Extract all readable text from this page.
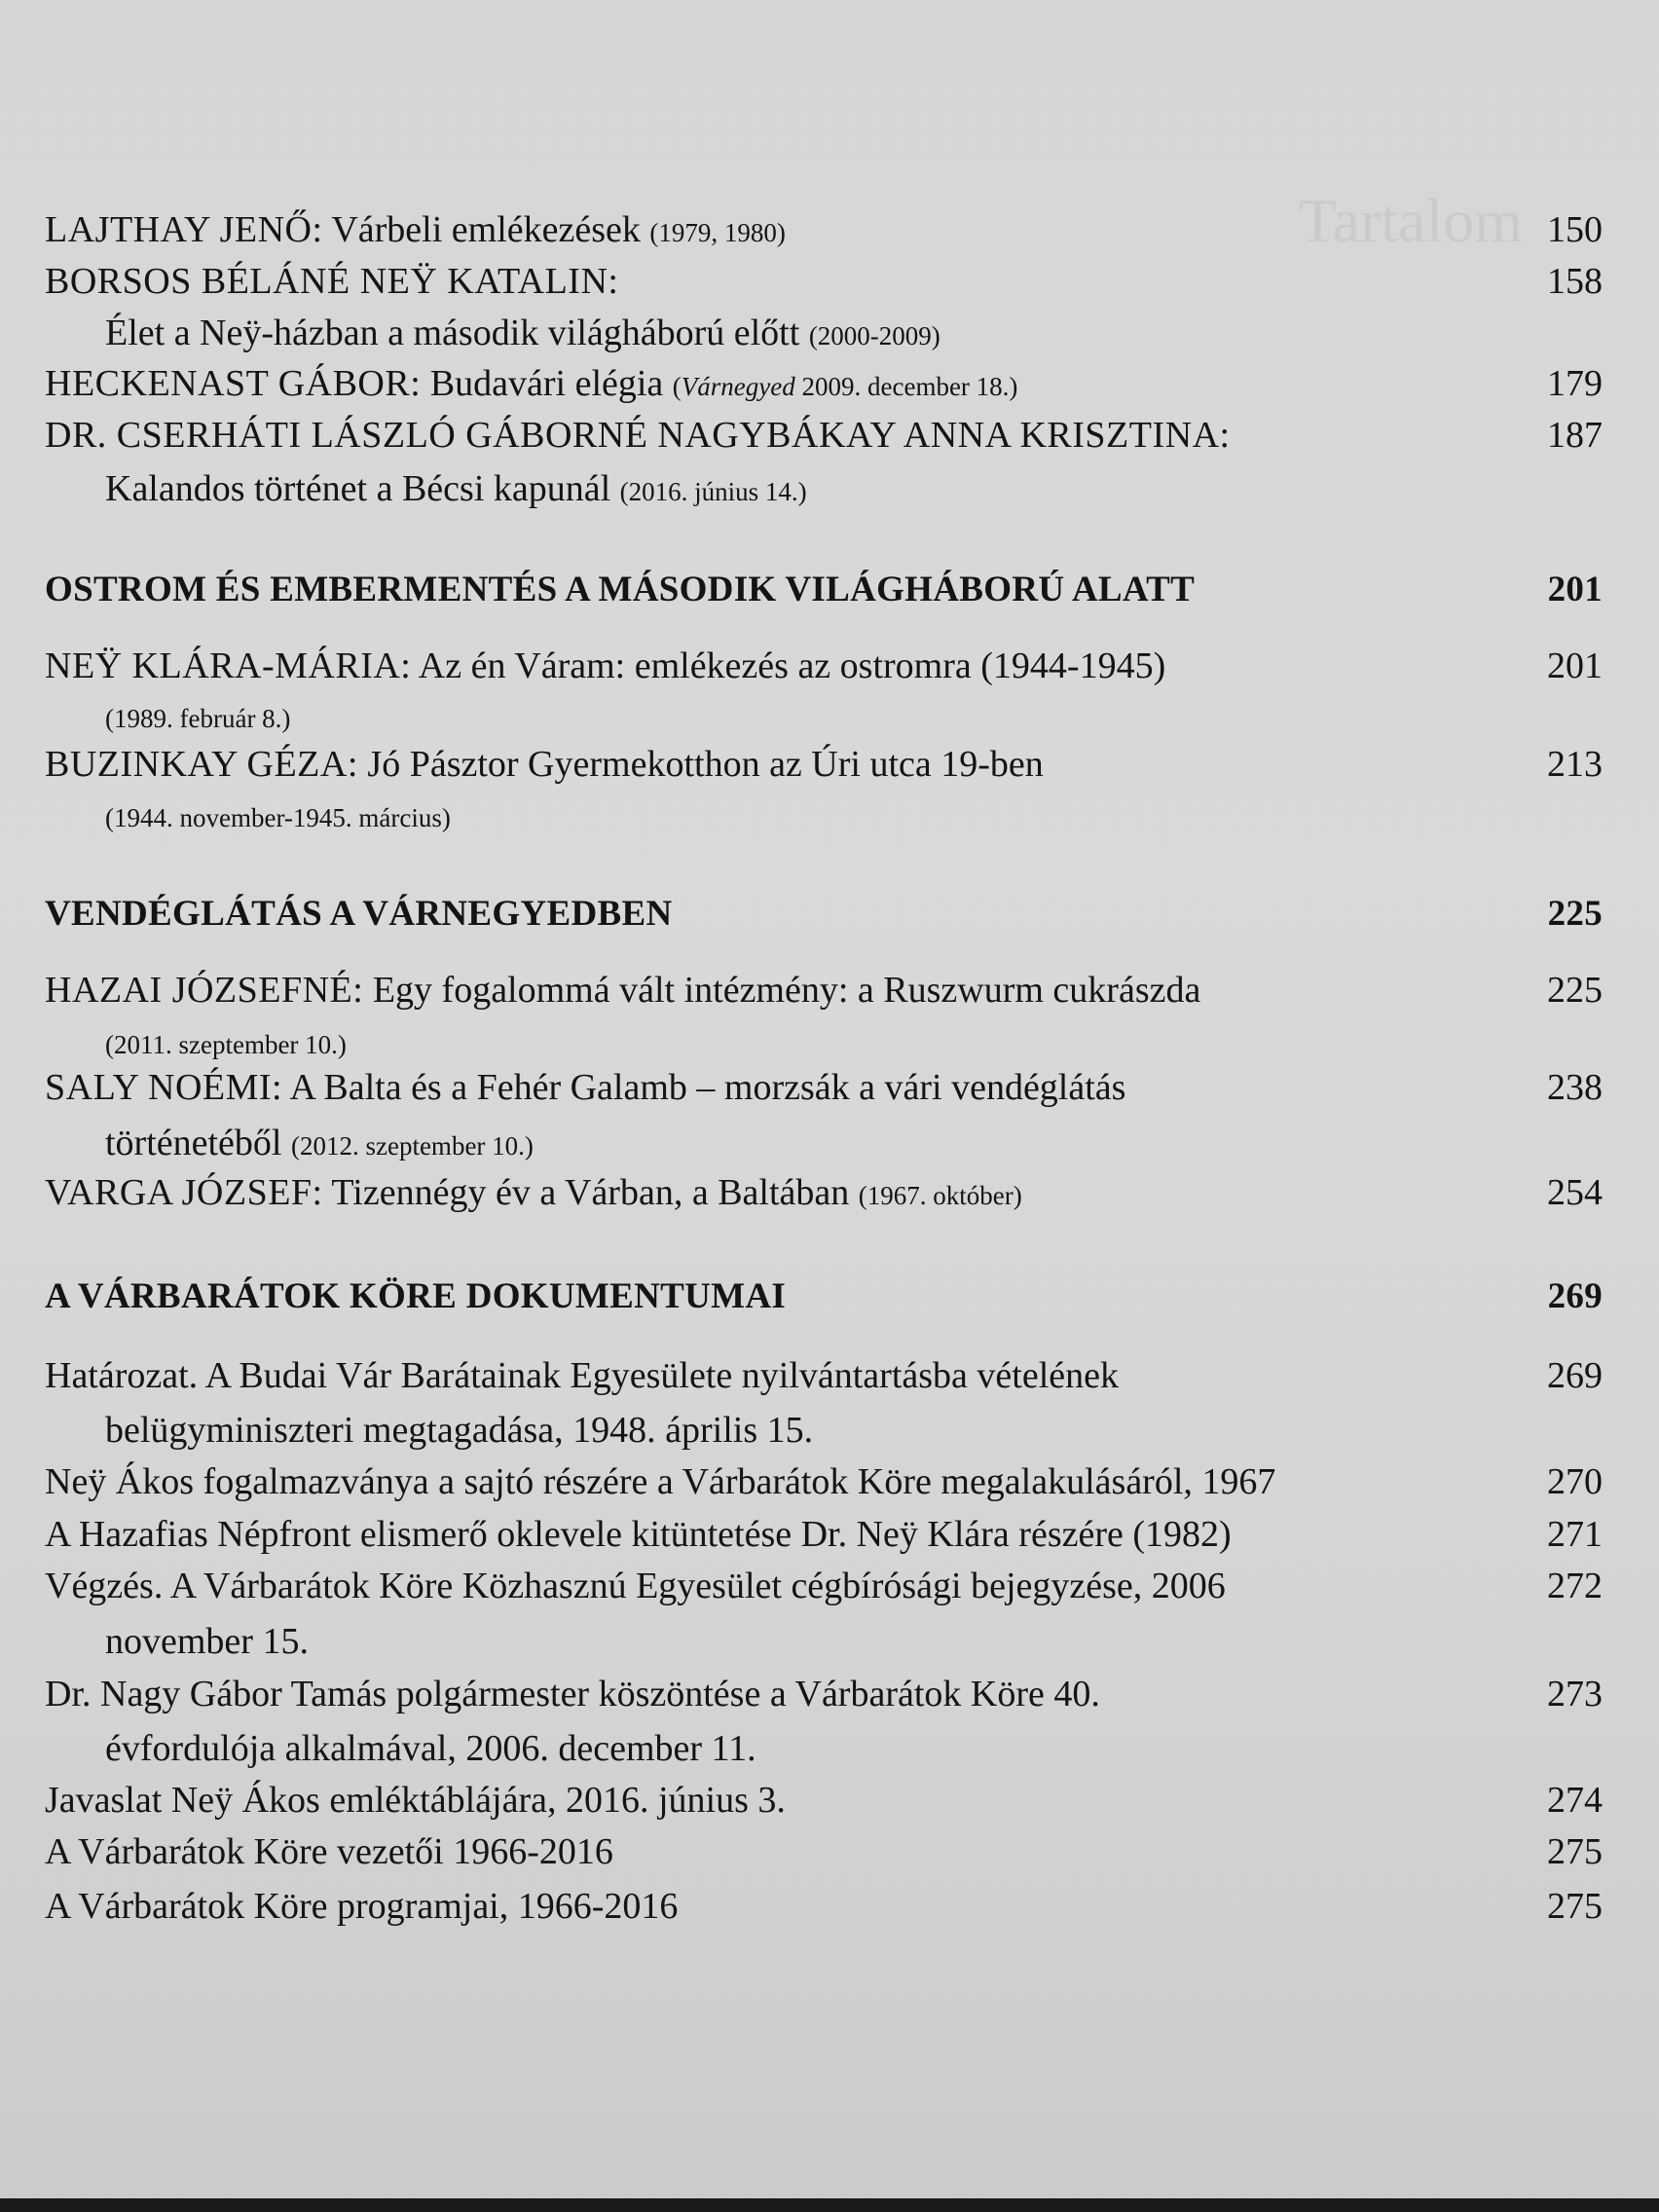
Tartalom
LAJTHAY JENŐ: Várbeli emlékezések (1979, 1980)	150
BORSOS BÉLÁNÉ NEŸ KATALIN:	158
Élet a Neÿ-házban a második világháború előtt (2000-2009)
HECKENAST GÁBOR: Budavári elégia (Várnegyed 2009. december 18.)	179
DR. CSERHÁTI LÁSZLÓ GÁBORNÉ NAGYBÁKAY ANNA KRISZTINA:	187
Kalandos történet a Bécsi kapunál (2016. június 14.)
OSTROM ÉS EMBERMENTÉS A MÁSODIK VILÁGHÁBORÚ ALATT	201
NEŸ KLÁRA-MÁRIA: Az én Váram: emlékezés az ostromra (1944-1945)	201
(1989. február 8.)
BUZINKAY GÉZA: Jó Pásztor Gyermekotthon az Úri utca 19-ben	213
(1944. november-1945. március)
VENDÉGLÁTÁS A VÁRNEGYEDBEN	225
HAZAI JÓZSEFNÉ: Egy fogalommá vált intézmény: a Ruszwurm cukrászda	225
(2011. szeptember 10.)
SALY NOÉMI: A Balta és a Fehér Galamb – morzsák a vári vendéglátás	238
történetéből (2012. szeptember 10.)
VARGA JÓZSEF: Tizennégy év a Várban, a Baltában (1967. október)	254
A VÁRBARÁTOK KÖRE DOKUMENTUMAI	269
Határozat. A Budai Vár Barátainak Egyesülete nyilvántartásba vételének	269
belügyminiszteri megtagadása, 1948. április 15.
Neÿ Ákos fogalmazványa a sajtó részére a Várbarátok Köre megalakulásáról, 1967	270
A Hazafias Népfront elismerő oklevele kitüntetése Dr. Neÿ Klára részére (1982)	271
Végzés. A Várbarátok Köre Közhasznú Egyesület cégbírósági bejegyzése, 2006	272
november 15.
Dr. Nagy Gábor Tamás polgármester köszöntése a Várbarátok Köre 40.	273
évfordulója alkalmával, 2006. december 11.
Javaslat Neÿ Ákos emléktáblájára, 2016. június 3.	274
A Várbarátok Köre vezetői 1966-2016	275
A Várbarátok Köre programjai, 1966-2016	275
